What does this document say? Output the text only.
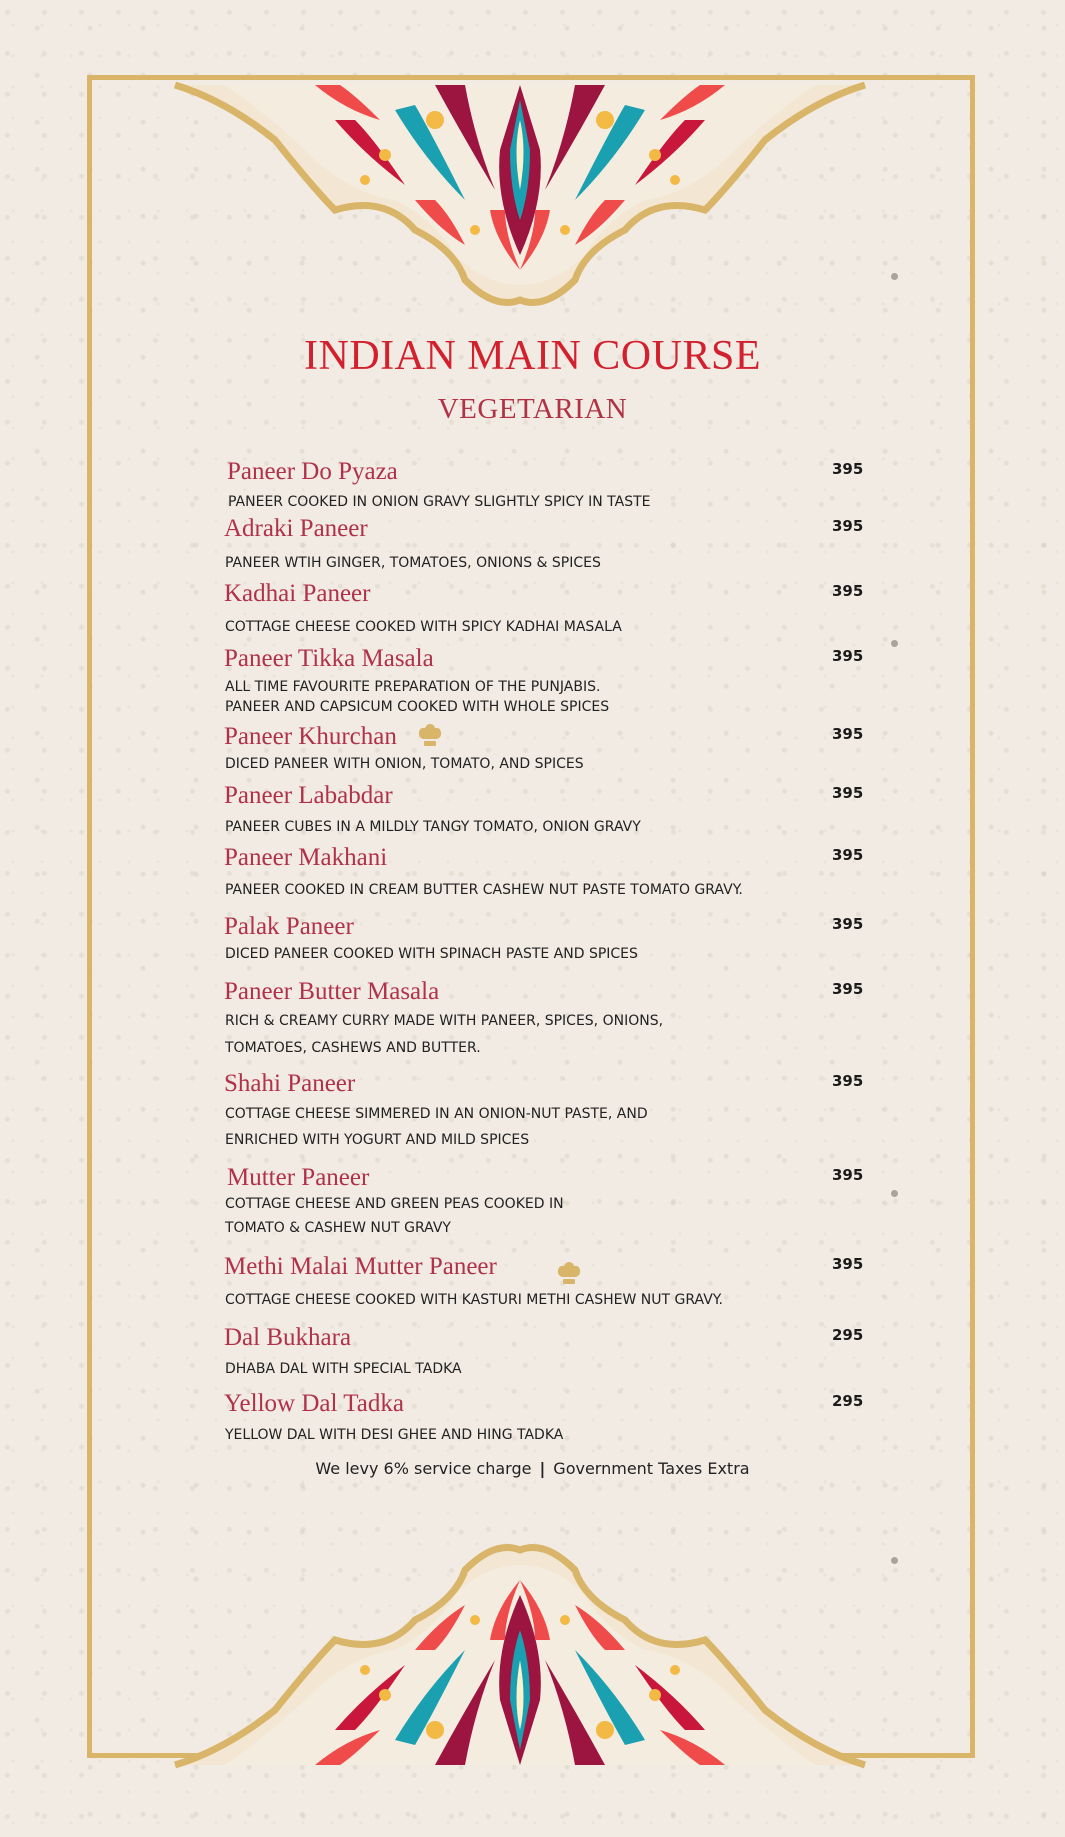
INDIAN MAIN COURSE
VEGETARIAN
Paneer Do Pyaza	395
PANEER COOKED IN ONION GRAVY SLIGHTLY SPICY IN TASTE
Adraki Paneer	395
PANEER WTIH GINGER, TOMATOES, ONIONS & SPICES
Kadhai Paneer	395
COTTAGE CHEESE COOKED WITH SPICY KADHAI MASALA
Paneer Tikka Masala	395
ALL TIME FAVOURITE PREPARATION OF THE PUNJABIS.
PANEER AND CAPSICUM COOKED WITH WHOLE SPICES
Paneer Khurchan	395
DICED PANEER WITH ONION, TOMATO, AND SPICES
Paneer Lababdar	395
PANEER CUBES IN A MILDLY TANGY TOMATO, ONION GRAVY
Paneer Makhani	395
PANEER COOKED IN CREAM BUTTER CASHEW NUT PASTE TOMATO GRAVY.
Palak Paneer	395
DICED PANEER COOKED WITH SPINACH PASTE AND SPICES
Paneer Butter Masala	395
RICH & CREAMY CURRY MADE WITH PANEER, SPICES, ONIONS,
TOMATOES, CASHEWS AND BUTTER.
Shahi Paneer	395
COTTAGE CHEESE SIMMERED IN AN ONION-NUT PASTE, AND
ENRICHED WITH YOGURT AND MILD SPICES
Mutter Paneer	395
COTTAGE CHEESE AND GREEN PEAS COOKED IN
TOMATO & CASHEW NUT GRAVY
Methi Malai Mutter Paneer	395
COTTAGE CHEESE COOKED WITH KASTURI METHI CASHEW NUT GRAVY.
Dal Bukhara	295
DHABA DAL WITH SPECIAL TADKA
Yellow Dal Tadka	295
YELLOW DAL WITH DESI GHEE AND HING TADKA
We levy 6% service charge | Government Taxes Extra
